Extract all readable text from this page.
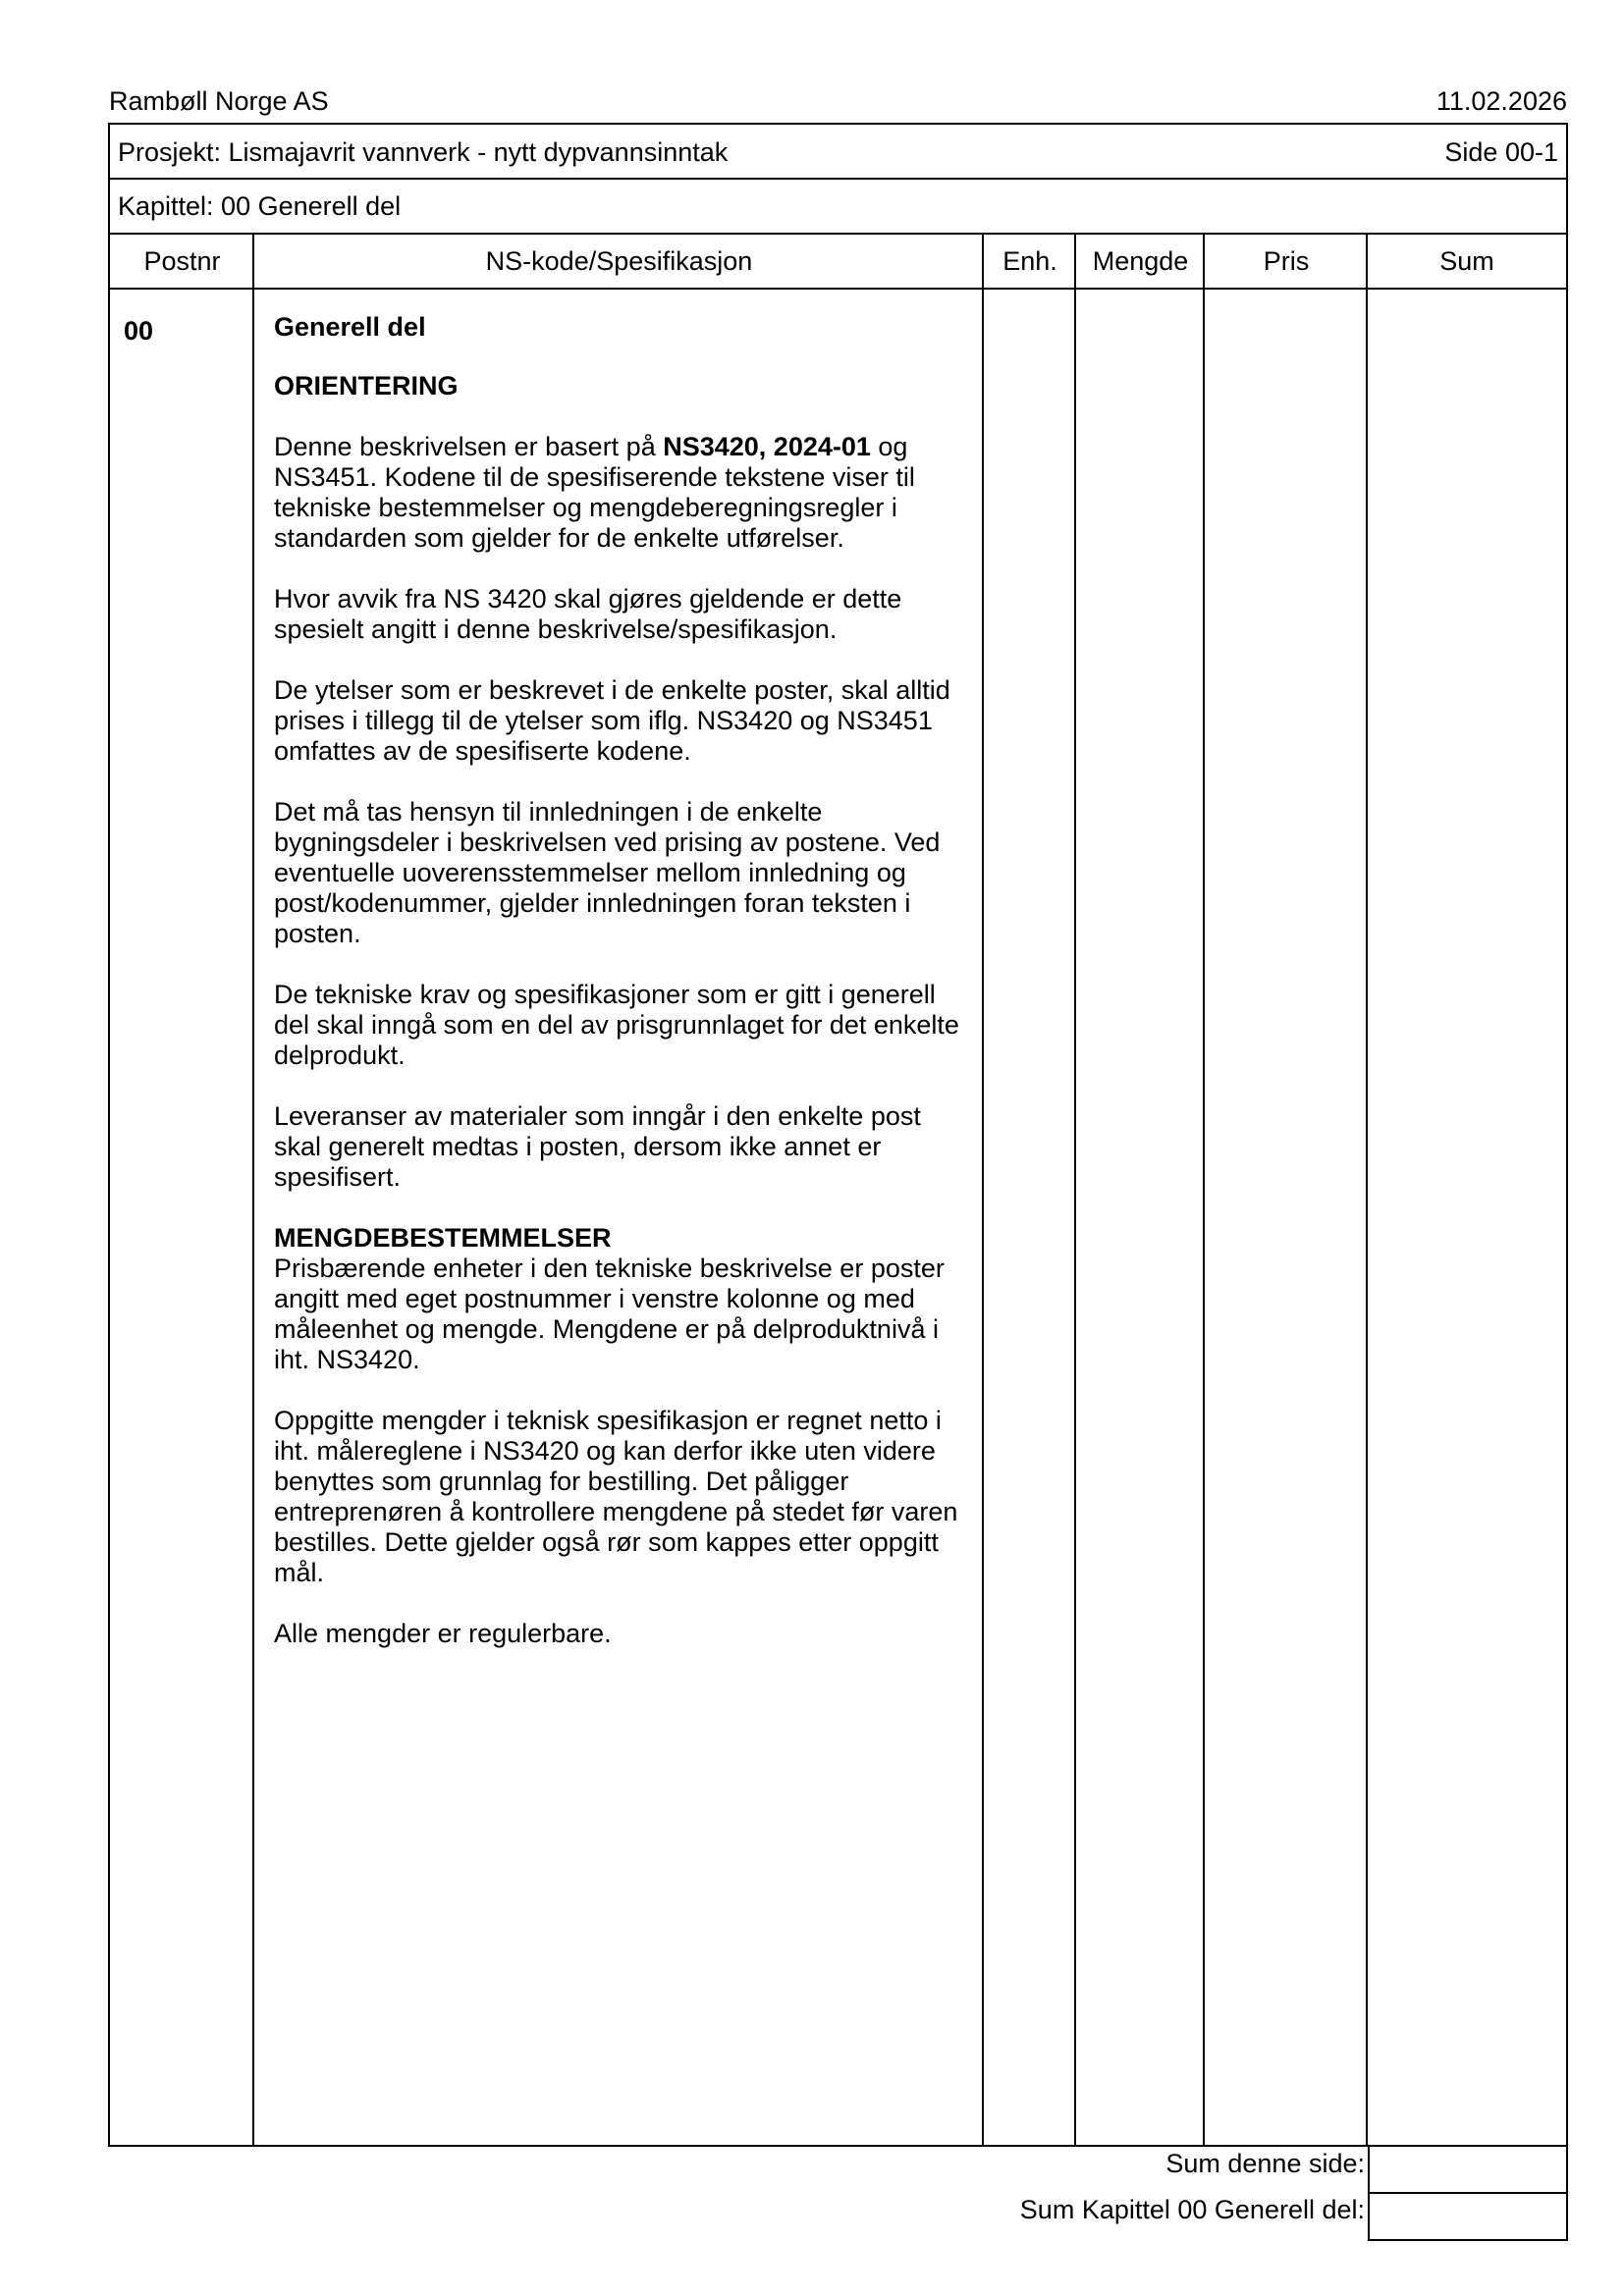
Rambøll Norge AS	11.02.2026
Prosjekt: Lismajavrit vannverk - nytt dypvannsinntak	Side 00-1
Kapittel: 00 Generell del
Postnr	NS-kode/Spesifikasjon	Enh.	Mengde	Pris	Sum
00	Generell del

ORIENTERING

Denne beskrivelsen er basert på NS3420, 2024-01 og
NS3451. Kodene til de spesifiserende tekstene viser til
tekniske bestemmelser og mengdeberegningsregler i
standarden som gjelder for de enkelte utførelser.

Hvor avvik fra NS 3420 skal gjøres gjeldende er dette
spesielt angitt i denne beskrivelse/spesifikasjon.

De ytelser som er beskrevet i de enkelte poster, skal alltid
prises i tillegg til de ytelser som iflg. NS3420 og NS3451
omfattes av de spesifiserte kodene.

Det må tas hensyn til innledningen i de enkelte
bygningsdeler i beskrivelsen ved prising av postene. Ved
eventuelle uoverensstemmelser mellom innledning og
post/kodenummer, gjelder innledningen foran teksten i
posten.

De tekniske krav og spesifikasjoner som er gitt i generell
del skal inngå som en del av prisgrunnlaget for det enkelte
delprodukt.

Leveranser av materialer som inngår i den enkelte post
skal generelt medtas i posten, dersom ikke annet er
spesifisert.

MENGDEBESTEMMELSER

Prisbærende enheter i den tekniske beskrivelse er poster
angitt med eget postnummer i venstre kolonne og med
måleenhet og mengde. Mengdene er på delproduktnivå i
iht. NS3420.

Oppgitte mengder i teknisk spesifikasjon er regnet netto i
iht. målereglene i NS3420 og kan derfor ikke uten videre
benyttes som grunnlag for bestilling. Det påligger
entreprenøren å kontrollere mengdene på stedet før varen
bestilles. Dette gjelder også rør som kappes etter oppgitt
mål.

Alle mengder er regulerbare.

Sum denne side:
Sum Kapittel 00 Generell del:
